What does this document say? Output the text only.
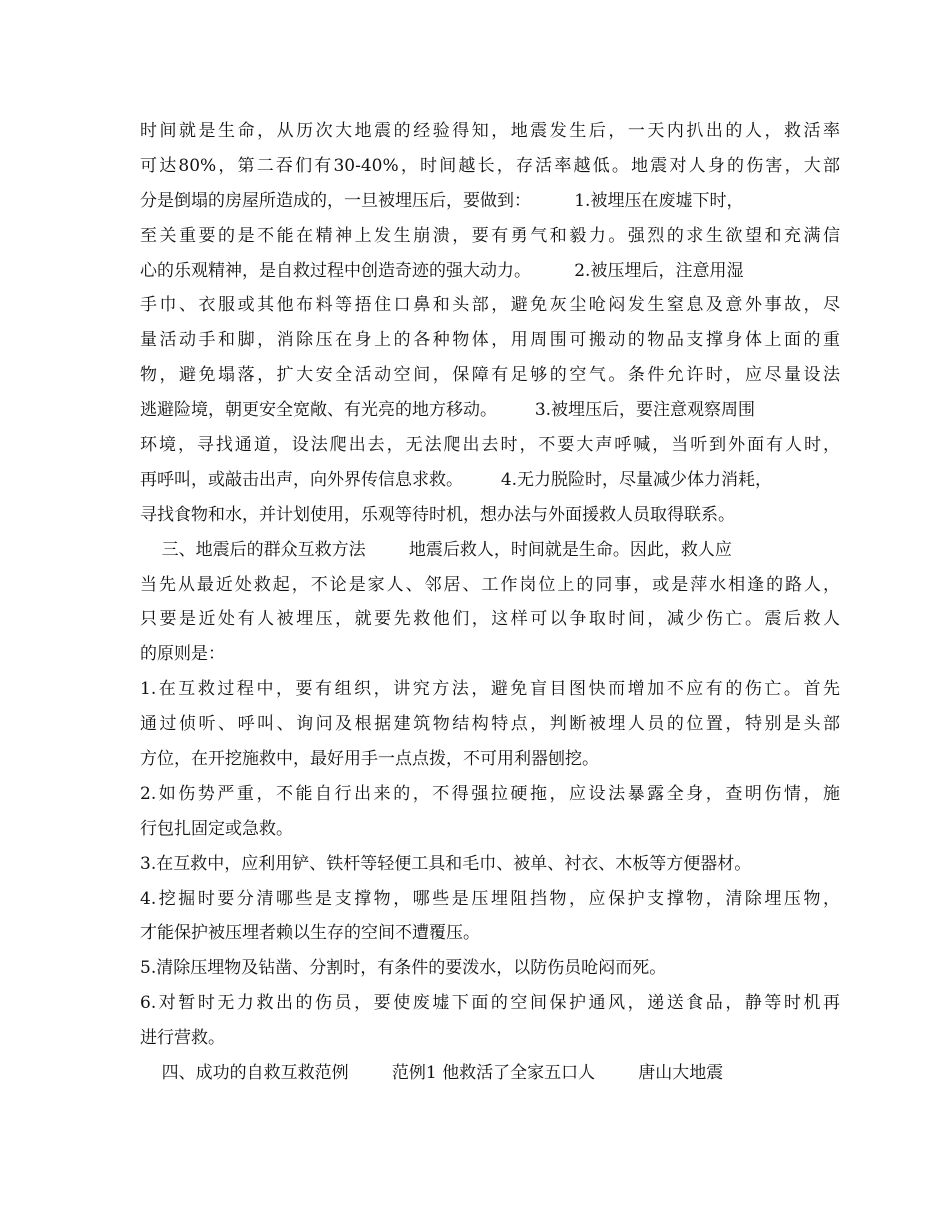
时间就是生命，从历次大地震的经验得知，地震发生后，一天内扒出的人，救活率
可达80%，第二吞们有30-40%，时间越长，存活率越低。地震对人身的伤害，大部
分是倒塌的房屋所造成的，一旦被埋压后，要做到：        1.被埋压在废墟下时，
至关重要的是不能在精神上发生崩溃，要有勇气和毅力。强烈的求生欲望和充满信
心的乐观精神，是自救过程中创造奇迹的强大动力。        2.被压埋后，注意用湿
手巾、衣服或其他布料等捂住口鼻和头部，避免灰尘呛闷发生窒息及意外事故，尽
量活动手和脚，消除压在身上的各种物体，用周围可搬动的物品支撑身体上面的重
物，避免塌落，扩大安全活动空间，保障有足够的空气。条件允许时，应尽量设法
逃避险境，朝更安全宽敞、有光亮的地方移动。       3.被埋压后，要注意观察周围
环境，寻找通道，设法爬出去，无法爬出去时，不要大声呼喊，当听到外面有人时，
再呼叫，或敲击出声，向外界传信息求救。       4.无力脱险时，尽量减少体力消耗，
寻找食物和水，并计划使用，乐观等待时机，想办法与外面援救人员取得联系。
三、地震后的群众互救方法        地震后救人，时间就是生命。因此，救人应
当先从最近处救起，不论是家人、邻居、工作岗位上的同事，或是萍水相逢的路人，
只要是近处有人被埋压，就要先救他们，这样可以争取时间，减少伤亡。震后救人
的原则是：
1.在互救过程中，要有组织，讲究方法，避免盲目图快而增加不应有的伤亡。首先
通过侦听、呼叫、询问及根据建筑物结构特点，判断被埋人员的位置，特别是头部
方位，在开挖施救中，最好用手一点点拨，不可用利器刨挖。
2.如伤势严重，不能自行出来的，不得强拉硬拖，应设法暴露全身，查明伤情，施
行包扎固定或急救。
3.在互救中，应利用铲、铁杆等轻便工具和毛巾、被单、衬衣、木板等方便器材。
4.挖掘时要分清哪些是支撑物，哪些是压埋阻挡物，应保护支撑物，清除埋压物，
才能保护被压埋者赖以生存的空间不遭覆压。
5.清除压埋物及钻凿、分割时，有条件的要泼水，以防伤员呛闷而死。
6.对暂时无力救出的伤员，要使废墟下面的空间保护通风，递送食品，静等时机再
进行营救。
四、成功的自救互救范例        范例1 他救活了全家五口人        唐山大地震
